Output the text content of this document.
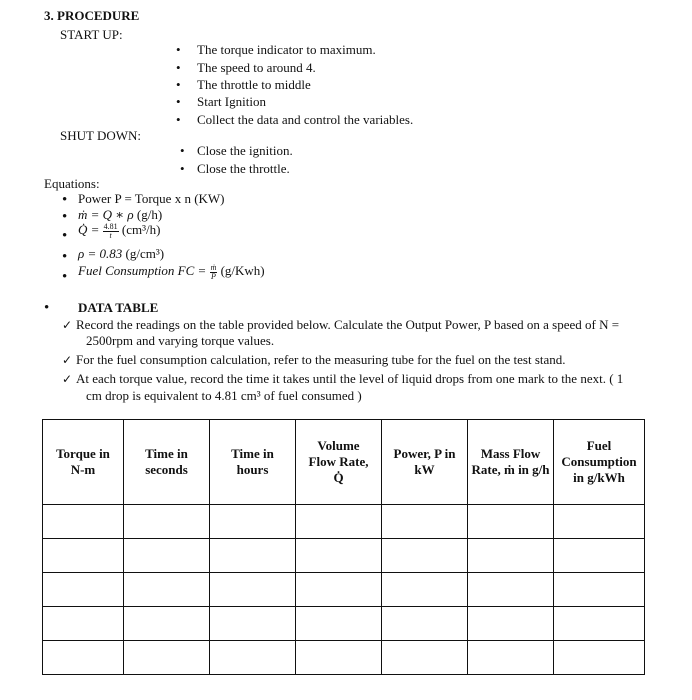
3. PROCEDURE
START UP:
• The torque indicator to maximum.
• The speed to around 4.
• The throttle to middle
• Start Ignition
• Collect the data and control the variables.
SHUT DOWN:
• Close the ignition.
• Close the throttle.
Equations:
• Power P = Torque x n (KW)
• ṁ = Q ∗ ρ (g/h)
• Q̇ = $\frac{4.81}{t} (cm^3/h)$
• ρ = 0.83 (g/cm³)
• Fuel Consumption FC = $\frac{\text{ṁ}}{P} (g/Kwh)$
• DATA TABLE
✓ Record the readings on the table provided below. Calculate the Output Power, P based on a speed of N =
2500rpm and varying torque values.
✓ For the fuel consumption calculation, refer to the measuring tube for the fuel on the test stand.
✓ At each torque value, record the time it takes until the level of liquid drops from one mark to the next. ( 1
cm drop is equivalent to 4.81 cm³ of fuel consumed )
Torque in
N-m	Time in
seconds	Time in
hours	Volume
Flow Rate,
Q̇	Power, P in
kW	Mass Flow
Rate, ṁ in g/h	Fuel
Consumption
in g/kWh
